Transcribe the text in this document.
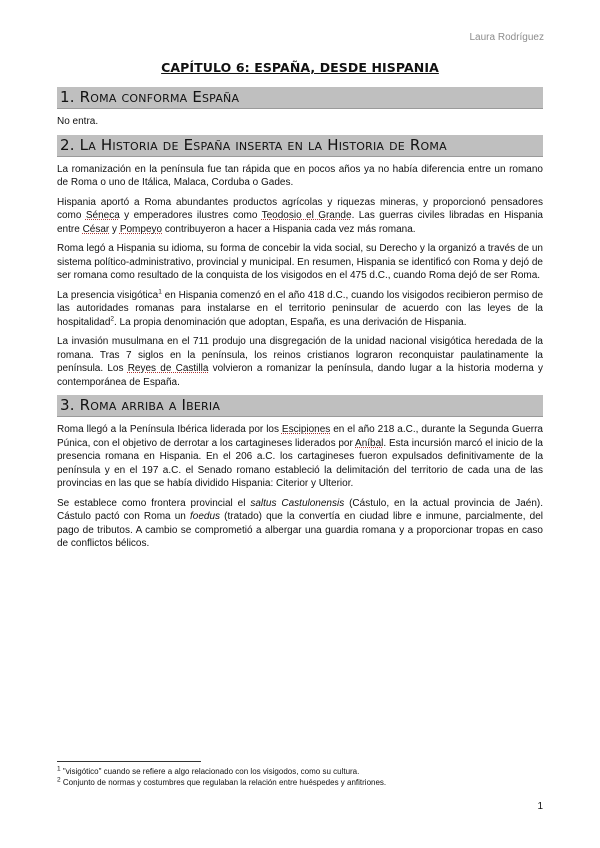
Laura Rodríguez
CAPÍTULO 6: ESPAÑA, DESDE HISPANIA
1. Roma conforma España

No entra.

2. La Historia de España inserta en la Historia de Roma

La romanización en la península fue tan rápida que en pocos años ya no había diferencia entre un romano de Roma o uno de Itálica, Malaca, Corduba o Gades.

Hispania aportó a Roma abundantes productos agrícolas y riquezas mineras, y proporcionó pensadores como Séneca y emperadores ilustres como Teodosio el Grande. Las guerras civiles libradas en Hispania entre César y Pompeyo contribuyeron a hacer a Hispania cada vez más romana.

Roma legó a Hispania su idioma, su forma de concebir la vida social, su Derecho y la organizó a través de un sistema político-administrativo, provincial y municipal. En resumen, Hispania se identificó con Roma y dejó de ser romana como resultado de la conquista de los visigodos en el 475 d.C., cuando Roma dejó de ser Roma.

La presencia visigótica$^1$ en Hispania comenzó en el año 418 d.C., cuando los visigodos recibieron permiso de las autoridades romanas para instalarse en el territorio peninsular de acuerdo con las leyes de la hospitalidad$^2$. La propia denominación que adoptan, España, es una derivación de Hispania.

La invasión musulmana en el 711 produjo una disgregación de la unidad nacional visigótica heredada de la romana. Tras 7 siglos en la península, los reinos cristianos lograron reconquistar paulatinamente la península. Los Reyes de Castilla volvieron a romanizar la península, dando lugar a la historia moderna y contemporánea de España.

3. Roma arriba a Iberia

Roma llegó a la Península Ibérica liderada por los Escipiones en el año 218 a.C., durante la Segunda Guerra Púnica, con el objetivo de derrotar a los cartagineses liderados por Aníbal. Esta incursión marcó el inicio de la presencia romana en Hispania. En el 206 a.C. los cartagineses fueron expulsados definitivamente de la península y en el 197 a.C. el Senado romano estableció la delimitación del territorio de cada una de las provincias en las que se había dividido Hispania: Citerior y Ulterior.

Se establece como frontera provincial el saltus Castulonensis (Cástulo, en la actual provincia de Jaén). Cástulo pactó con Roma un foedus (tratado) que la convertía en ciudad libre e inmune, parcialmente, del pago de tributos. A cambio se comprometió a albergar una guardia romana y a proporcionar tropas en caso de conflictos bélicos.

$^1$ "visigótico" cuando se refiere a algo relacionado con los visigodos, como su cultura.
$^2$ Conjunto de normas y costumbres que regulaban la relación entre huéspedes y anfitriones.
1
